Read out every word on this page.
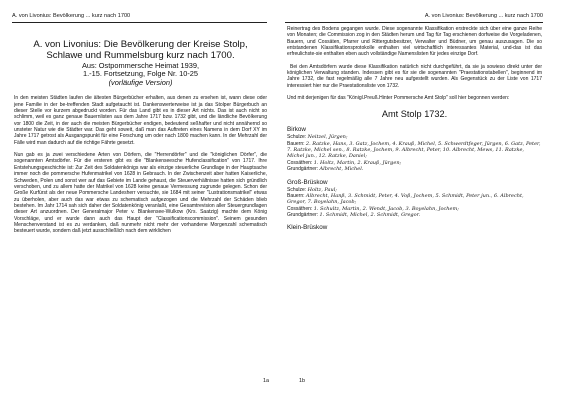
A. von Livonius: Bevölkerung ... kurz nach 1700	A. von Livonius: Bevölkerung ... kurz nach 1700

A. von Livonius: Die Bevölkerung der Kreise Stolp,

Schlawe und Rummelsburg kurz nach 1700.

Aus: Ostpommersche Heimat 1939,

1.-15. Fortsetzung, Folge Nr. 10-25

(vorläufige Version)

In den meisten Städten laufen die ältesten Bürgerbücher erhalten, aus denen zu ersehen ist, wann diese oder jene Familie in der be-treffenden Stadt aufgetaucht ist. Dankenswerterweise ist ja das Stolper Bürgerbuch an dieser Stelle vor kurzem abgedruckt worden. Für das Land gibt es in dieser Art nichts. Das ist auch nicht so schlimm, weil es ganz genaue Bauernlisten aus dem Jahre 1717 bzw. 1732 gibt, und die ländliche Bevölkerung vor 1800 die Zeit, in der auch die meisten Bürgerbücher endigen, bedeutend seßhafter und nicht annähernd so unsteter Natur wie die Städter war. Das geht soweit, daß man das Auftreten eines Namens in dem Dorf XY im Jahre 1717 getrost als Ausgangspunkt für eine Forschung um oder nach 1800 machen kann. In der Mehrzahl der Fälle wird man dadurch auf die richtige Fährte gesetzt.

Nun gab es ja zwei verschiedene Arten von Dörfern, die "Herrendörfer" und die "königlichen Dörfer", die sogenannten Amtsdörfer. Für die ersteren gibt es die "Blankenseesche Hufenclassification" von 1717. Ihre Entstehungsgeschichte ist: Zur Zeit des Soldatenkönigs war als einzige steuerliche Grundlage in der Hauptsache immer noch die pommersche Hufenmatrikel von 1628 in Gebrauch. In der Zwischenzeit aber hatten Kaiserliche, Schweden, Polen und sonst wer auf das Gebiete im Lande gehaust, die Steuerverhältnisse hatten sich gründlich verschoben, und zu allem hatte der Matrikel von 1628 keine genaue Vermessung zugrunde gelegen. Schon der Große Kurfürst als der neue Pommersche Landesherr versuchte, sie 1684 mit seiner "Lustrationsmatrikel" etwas zu überholen, aber auch das war etwas zu schematisch aufgezogen und die Mehrzahl der Schäden blieb bestehen. Im Jahr 1714 sah sich daher der Soldatenkönig veranlaßt, eine Gesamtrevision aller Steuergrundlagen dieser Art anzuordnen. Der Generalmajor Peter v. Blankensee-Wulkow (Krs. Saatzig) machte dem König Vorschläge, und er wurde dann auch das Haupt der "Classificationscommission". Seinem gesunden Menschenverstand ist es zu verdanken, daß nunmehr nicht mehr der vorhandene Morgenzahl schematisch besteuert wurde, sondern daß jetzt ausschließlich nach dem wirklichen

Reinertrag des Bodens gegangen wurde. Diese sogenannte Klassifikation erstreckte sich über eine ganze Reihe von Monaten; die Commission zog in den Städten herum und Tag für Tag erschienen dorfweise die Vorgeladenen, Bauern, und Cossäten, Pfarrer und Rittergutsbesitzer, Verwalter und Büdner, um genau auszusagen. Die so entstandenen Klassifikationsprotokolle enthalten viel wirtschaftlich interessantes Material, und-das ist das erfreulichste-sie enthalten eben auch vollständige Namenslisten für jedes einzige Dorf.

Bei den Amtsdörfern wurde diese Klassifikation natürlich nicht durchgeführt, da sie ja sowieso direkt unter der königlichen Verwaltung standen. Indessen gibt es für sie die sogenannten "Praestationstabellen", beginnend im Jahre 1732, die fast regelmäßig alle 7 Jahre neu aufgestellt wurden. Als Gegenstück zu der Liste von 1717 interessiert hier nur die Praestationsliste von 1732.

Und mit derjenigen für das "Königl.Preuß.Hinter Pommersche Amt Stolp" soll hier begonnen werden:

Amt Stolp 1732.

Birkow

Schulze: Neitzel, Jürgen;

Bauern: 2. Ratzke, Hans, 3. Gatz, Jochem, 4. Krauß, Michel, 5. Schwerdtfeger, Jürgen, 6. Gatz, Peter, 7. Ratzke, Michel sen., 8. Ratzke, Jochem, 9. Albrecht, Peter, 10. Albrecht, Mews, 11. Ratzke, Michel jun., 12. Ratzke, Daniel;

Cossäthen: 1. Holtz, Martin, 2. Krauß, Jürgen;

Grundgärtner: Albrecht, Michel.

Groß-Brüskow

Schulze: Holtz, Paul;

Bauern: Albrecht, Hanß, 3. Schmidt, Peter, 4. Voß, Jochem, 5. Schmidt, Peter jun., 6. Albrecht, Gregor, 7. Boyelahn, Jacob;

Cossäthen: 1. Schultz, Martin, 2. Wendt, Jacob, 3. Boyelahn, Jochem;

Grundgärtner: 1. Schmidt, Michel, 2. Schmidt, Gregor.

Klein-Brüskow

1a	1b
